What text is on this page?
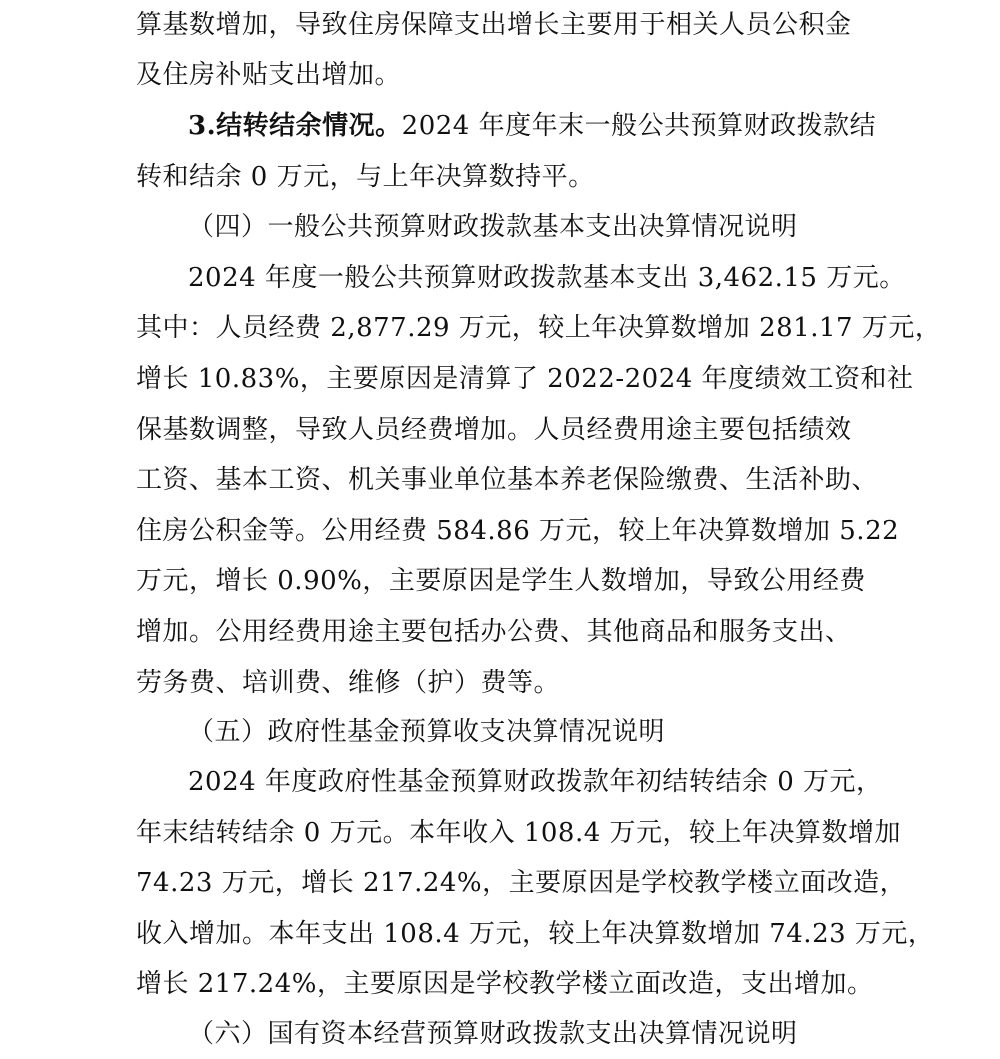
算基数增加，导致住房保障支出增长主要用于相关人员公积金
及住房补贴支出增加。
3.结转结余情况。2024 年度年末一般公共预算财政拨款结
转和结余 0 万元，与上年决算数持平。
（四）一般公共预算财政拨款基本支出决算情况说明
2024 年度一般公共预算财政拨款基本支出 3,462.15 万元。
其中：人员经费 2,877.29 万元，较上年决算数增加 281.17 万元，
增长 10.83%，主要原因是清算了 2022-2024 年度绩效工资和社
保基数调整，导致人员经费增加。人员经费用途主要包括绩效
工资、基本工资、机关事业单位基本养老保险缴费、生活补助、
住房公积金等。公用经费 584.86 万元，较上年决算数增加 5.22
万元，增长 0.90%，主要原因是学生人数增加，导致公用经费
增加。公用经费用途主要包括办公费、其他商品和服务支出、
劳务费、培训费、维修（护）费等。
（五）政府性基金预算收支决算情况说明
2024 年度政府性基金预算财政拨款年初结转结余 0 万元，
年末结转结余 0 万元。本年收入 108.4 万元，较上年决算数增加
74.23 万元，增长 217.24%，主要原因是学校教学楼立面改造，
收入增加。本年支出 108.4 万元，较上年决算数增加 74.23 万元，
增长 217.24%，主要原因是学校教学楼立面改造，支出增加。
（六）国有资本经营预算财政拨款支出决算情况说明
